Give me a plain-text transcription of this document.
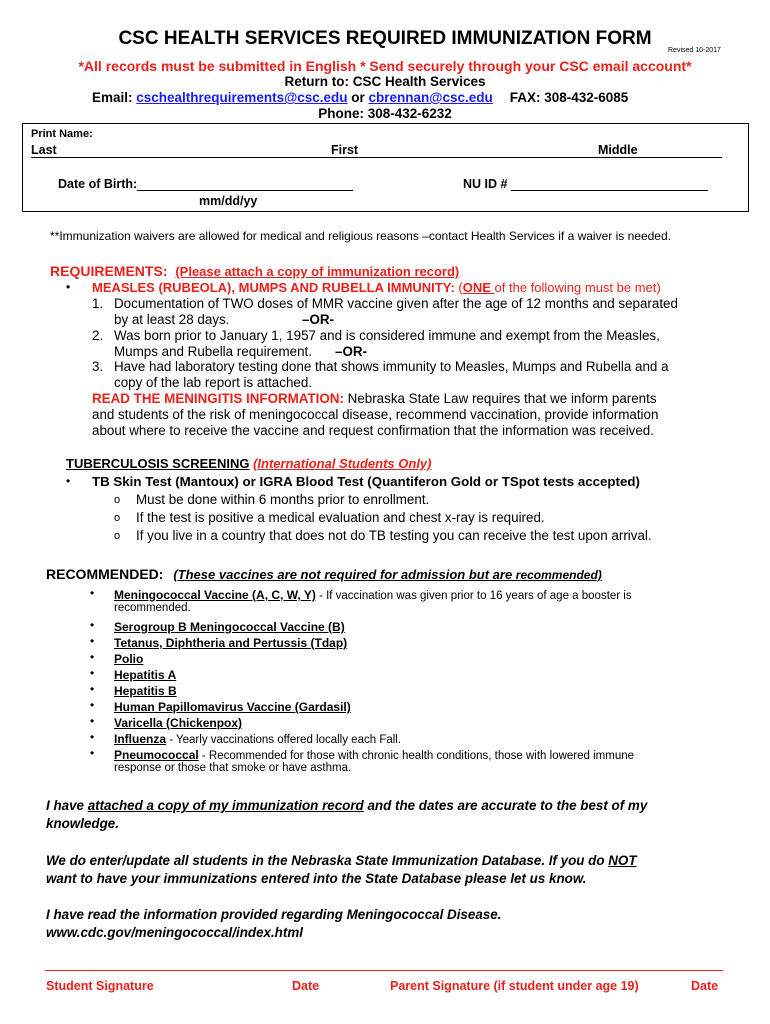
CSC HEALTH SERVICES REQUIRED IMMUNIZATION FORM
Revised 10-2017
*All records must be submitted in English * Send securely through your CSC email account*
Return to: CSC Health Services
Email: cschealthrequirements@csc.edu or cbrennan@csc.edu FAX: 308-432-6085
Phone: 308-432-6232
Print Name:
Last	First	Middle
Date of Birth:
mm/dd/yy
NU ID #
**Immunization waivers are allowed for medical and religious reasons –contact Health Services if a waiver is needed.
REQUIREMENTS: (Please attach a copy of immunization record)
• MEASLES (RUBEOLA), MUMPS AND RUBELLA IMMUNITY: (ONE of the following must be met)
1. Documentation of TWO doses of MMR vaccine given after the age of 12 months and separated
by at least 28 days.	–OR-
2. Was born prior to January 1, 1957 and is considered immune and exempt from the Measles,
Mumps and Rubella requirement. –OR-
3. Have had laboratory testing done that shows immunity to Measles, Mumps and Rubella and a
copy of the lab report is attached.
READ THE MENINGITIS INFORMATION: Nebraska State Law requires that we inform parents
and students of the risk of meningococcal disease, recommend vaccination, provide information
about where to receive the vaccine and request confirmation that the information was received.
TUBERCULOSIS SCREENING (International Students Only)
• TB Skin Test (Mantoux) or IGRA Blood Test (Quantiferon Gold or TSpot tests accepted)
o Must be done within 6 months prior to enrollment.
o If the test is positive a medical evaluation and chest x-ray is required.
o If you live in a country that does not do TB testing you can receive the test upon arrival.
RECOMMENDED: (These vaccines are not required for admission but are recommended)
• Meningococcal Vaccine (A, C, W, Y) - If vaccination was given prior to 16 years of age a booster is
recommended.
• Serogroup B Meningococcal Vaccine (B)
• Tetanus, Diphtheria and Pertussis (Tdap)
• Polio
• Hepatitis A
• Hepatitis B
• Human Papillomavirus Vaccine (Gardasil)
• Varicella (Chickenpox)
• Influenza - Yearly vaccinations offered locally each Fall.
• Pneumococcal - Recommended for those with chronic health conditions, those with lowered immune
response or those that smoke or have asthma.
I have attached a copy of my immunization record and the dates are accurate to the best of my
knowledge.
We do enter/update all students in the Nebraska State Immunization Database. If you do NOT
want to have your immunizations entered into the State Database please let us know.
I have read the information provided regarding Meningococcal Disease.
www.cdc.gov/meningococcal/index.html
Student Signature	Date	Parent Signature (if student under age 19)	Date
